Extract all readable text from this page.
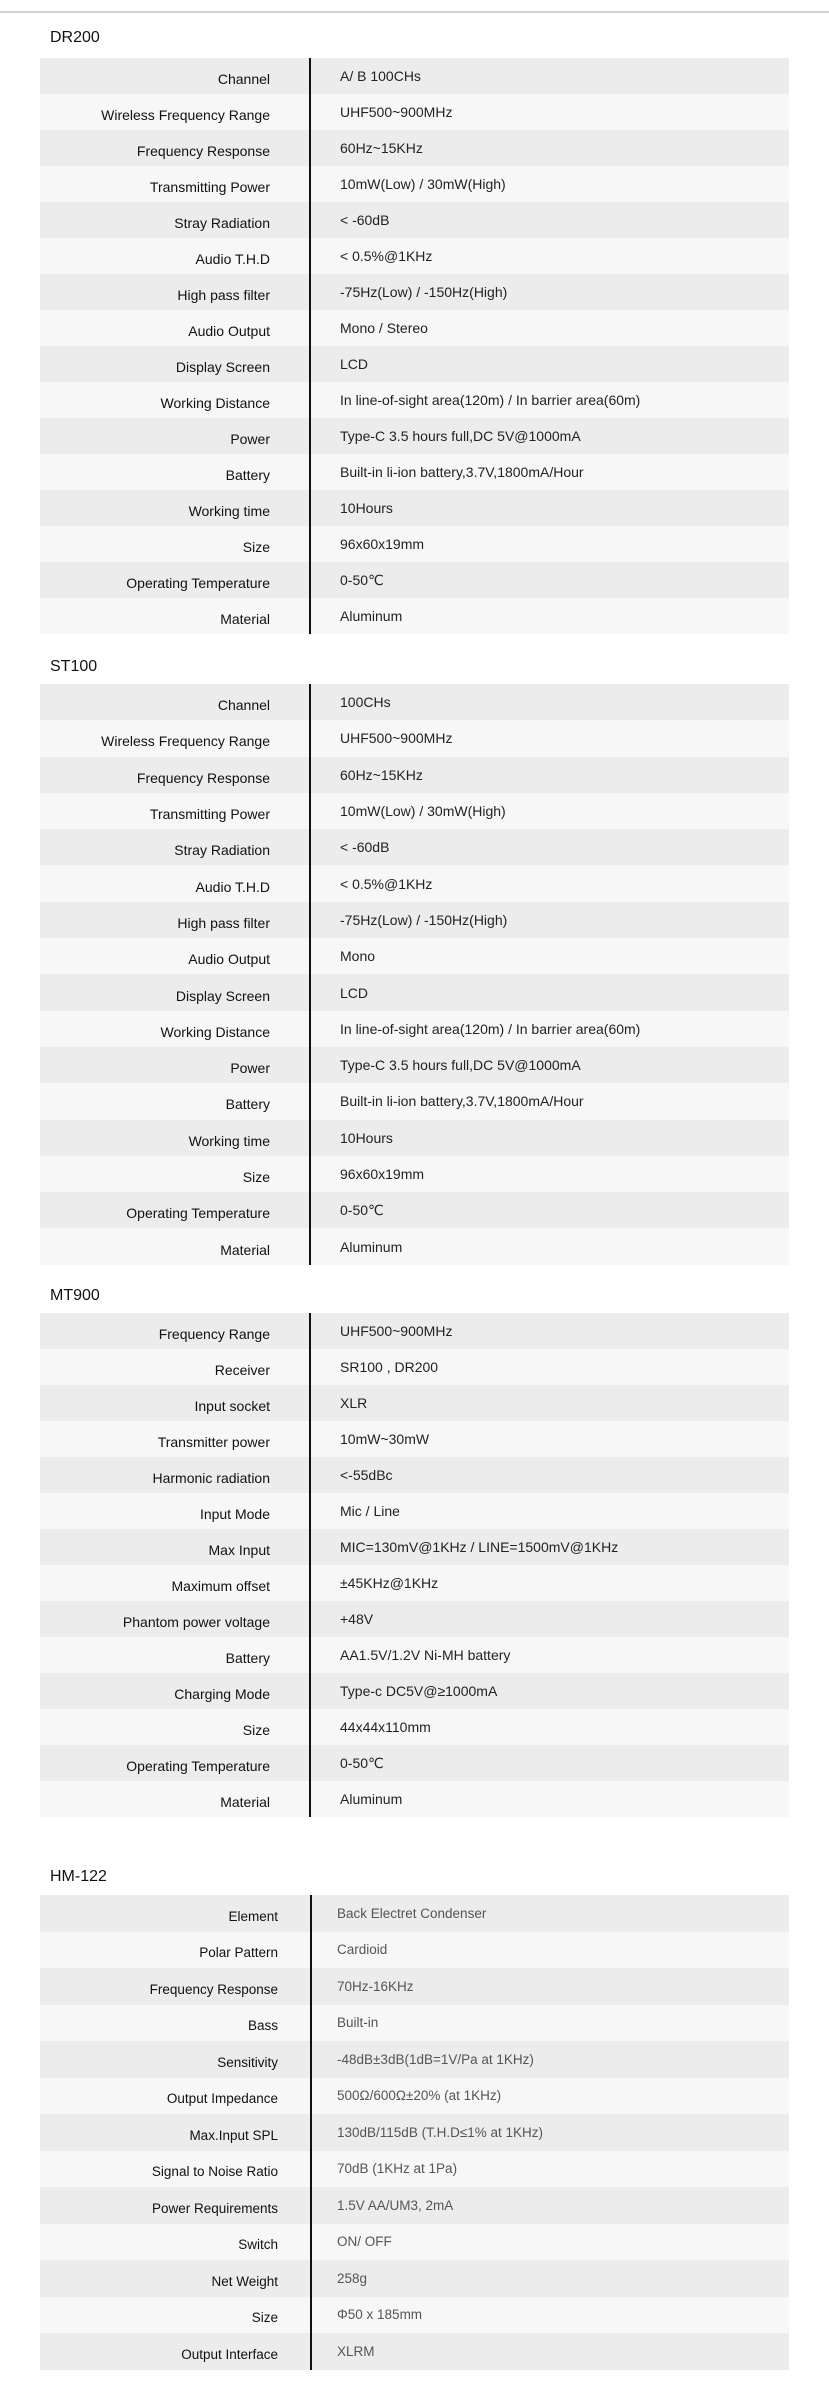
DR200
Channel	A/ B 100CHs
Wireless Frequency Range	UHF500~900MHz
Frequency Response	60Hz~15KHz
Transmitting Power	10mW(Low) / 30mW(High)
Stray Radiation	< -60dB
Audio T.H.D	< 0.5%@1KHz
High pass filter	-75Hz(Low) / -150Hz(High)
Audio Output	Mono / Stereo
Display Screen	LCD
Working Distance	In line-of-sight area(120m) / In barrier area(60m)
Power	Type-C 3.5 hours full,DC 5V@1000mA
Battery	Built-in li-ion battery,3.7V,1800mA/Hour
Working time	10Hours
Size	96x60x19mm
Operating Temperature	0-50℃
Material	Aluminum
ST100
Channel	100CHs
Wireless Frequency Range	UHF500~900MHz
Frequency Response	60Hz~15KHz
Transmitting Power	10mW(Low) / 30mW(High)
Stray Radiation	< -60dB
Audio T.H.D	< 0.5%@1KHz
High pass filter	-75Hz(Low) / -150Hz(High)
Audio Output	Mono
Display Screen	LCD
Working Distance	In line-of-sight area(120m) / In barrier area(60m)
Power	Type-C 3.5 hours full,DC 5V@1000mA
Battery	Built-in li-ion battery,3.7V,1800mA/Hour
Working time	10Hours
Size	96x60x19mm
Operating Temperature	0-50℃
Material	Aluminum
MT900
Frequency Range	UHF500~900MHz
Receiver	SR100 , DR200
Input socket	XLR
Transmitter power	10mW~30mW
Harmonic radiation	<-55dBc
Input Mode	Mic / Line
Max Input	MIC=130mV@1KHz / LINE=1500mV@1KHz
Maximum offset	±45KHz@1KHz
Phantom power voltage	+48V
Battery	AA1.5V/1.2V Ni-MH battery
Charging Mode	Type-c DC5V@≥1000mA
Size	44x44x110mm
Operating Temperature	0-50℃
Material	Aluminum
HM-122
Element	Back Electret Condenser
Polar Pattern	Cardioid
Frequency Response	70Hz-16KHz
Bass	Built-in
Sensitivity	-48dB±3dB(1dB=1V/Pa at 1KHz)
Output Impedance	500Ω/600Ω±20% (at 1KHz)
Max.Input SPL	130dB/115dB (T.H.D≤1% at 1KHz)
Signal to Noise Ratio	70dB (1KHz at 1Pa)
Power Requirements	1.5V AA/UM3, 2mA
Switch	ON/ OFF
Net Weight	258g
Size	Φ50 x 185mm
Output Interface	XLRM
